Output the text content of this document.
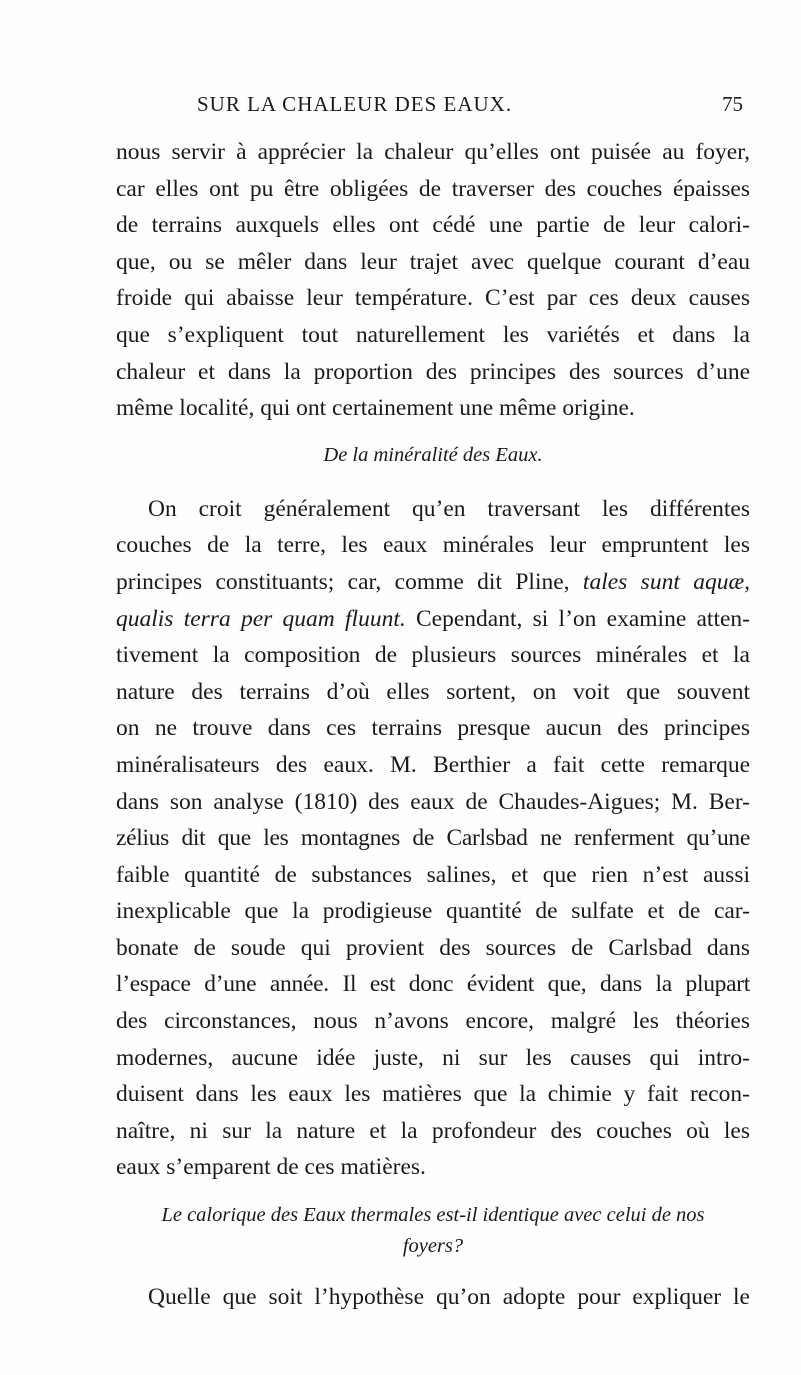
SUR LA CHALEUR DES EAUX.	75
nous servir à apprécier la chaleur qu’elles ont puisée au foyer,
car elles ont pu être obligées de traverser des couches épaisses
de terrains auxquels elles ont cédé une partie de leur calori-
que, ou se mêler dans leur trajet avec quelque courant d’eau
froide qui abaisse leur température. C’est par ces deux causes
que s’expliquent tout naturellement les variétés et dans la
chaleur et dans la proportion des principes des sources d’une
même localité, qui ont certainement une même origine.
De la minéralité des Eaux.
On croit généralement qu’en traversant les différentes
couches de la terre, les eaux minérales leur empruntent les
principes constituants; car, comme dit Pline, tales sunt aquæ,
qualis terra per quam fluunt. Cependant, si l’on examine atten-
tivement la composition de plusieurs sources minérales et la
nature des terrains d’où elles sortent, on voit que souvent
on ne trouve dans ces terrains presque aucun des principes
minéralisateurs des eaux. M. Berthier a fait cette remarque
dans son analyse (1810) des eaux de Chaudes-Aigues; M. Ber-
zélius dit que les montagnes de Carlsbad ne renferment qu’une
faible quantité de substances salines, et que rien n’est aussi
inexplicable que la prodigieuse quantité de sulfate et de car-
bonate de soude qui provient des sources de Carlsbad dans
l’espace d’une année. Il est donc évident que, dans la plupart
des circonstances, nous n’avons encore, malgré les théories
modernes, aucune idée juste, ni sur les causes qui intro-
duisent dans les eaux les matières que la chimie y fait recon-
naître, ni sur la nature et la profondeur des couches où les
eaux s’emparent de ces matières.
Le calorique des Eaux thermales est-il identique avec celui de nos
foyers?
Quelle que soit l’hypothèse qu’on adopte pour expliquer le
